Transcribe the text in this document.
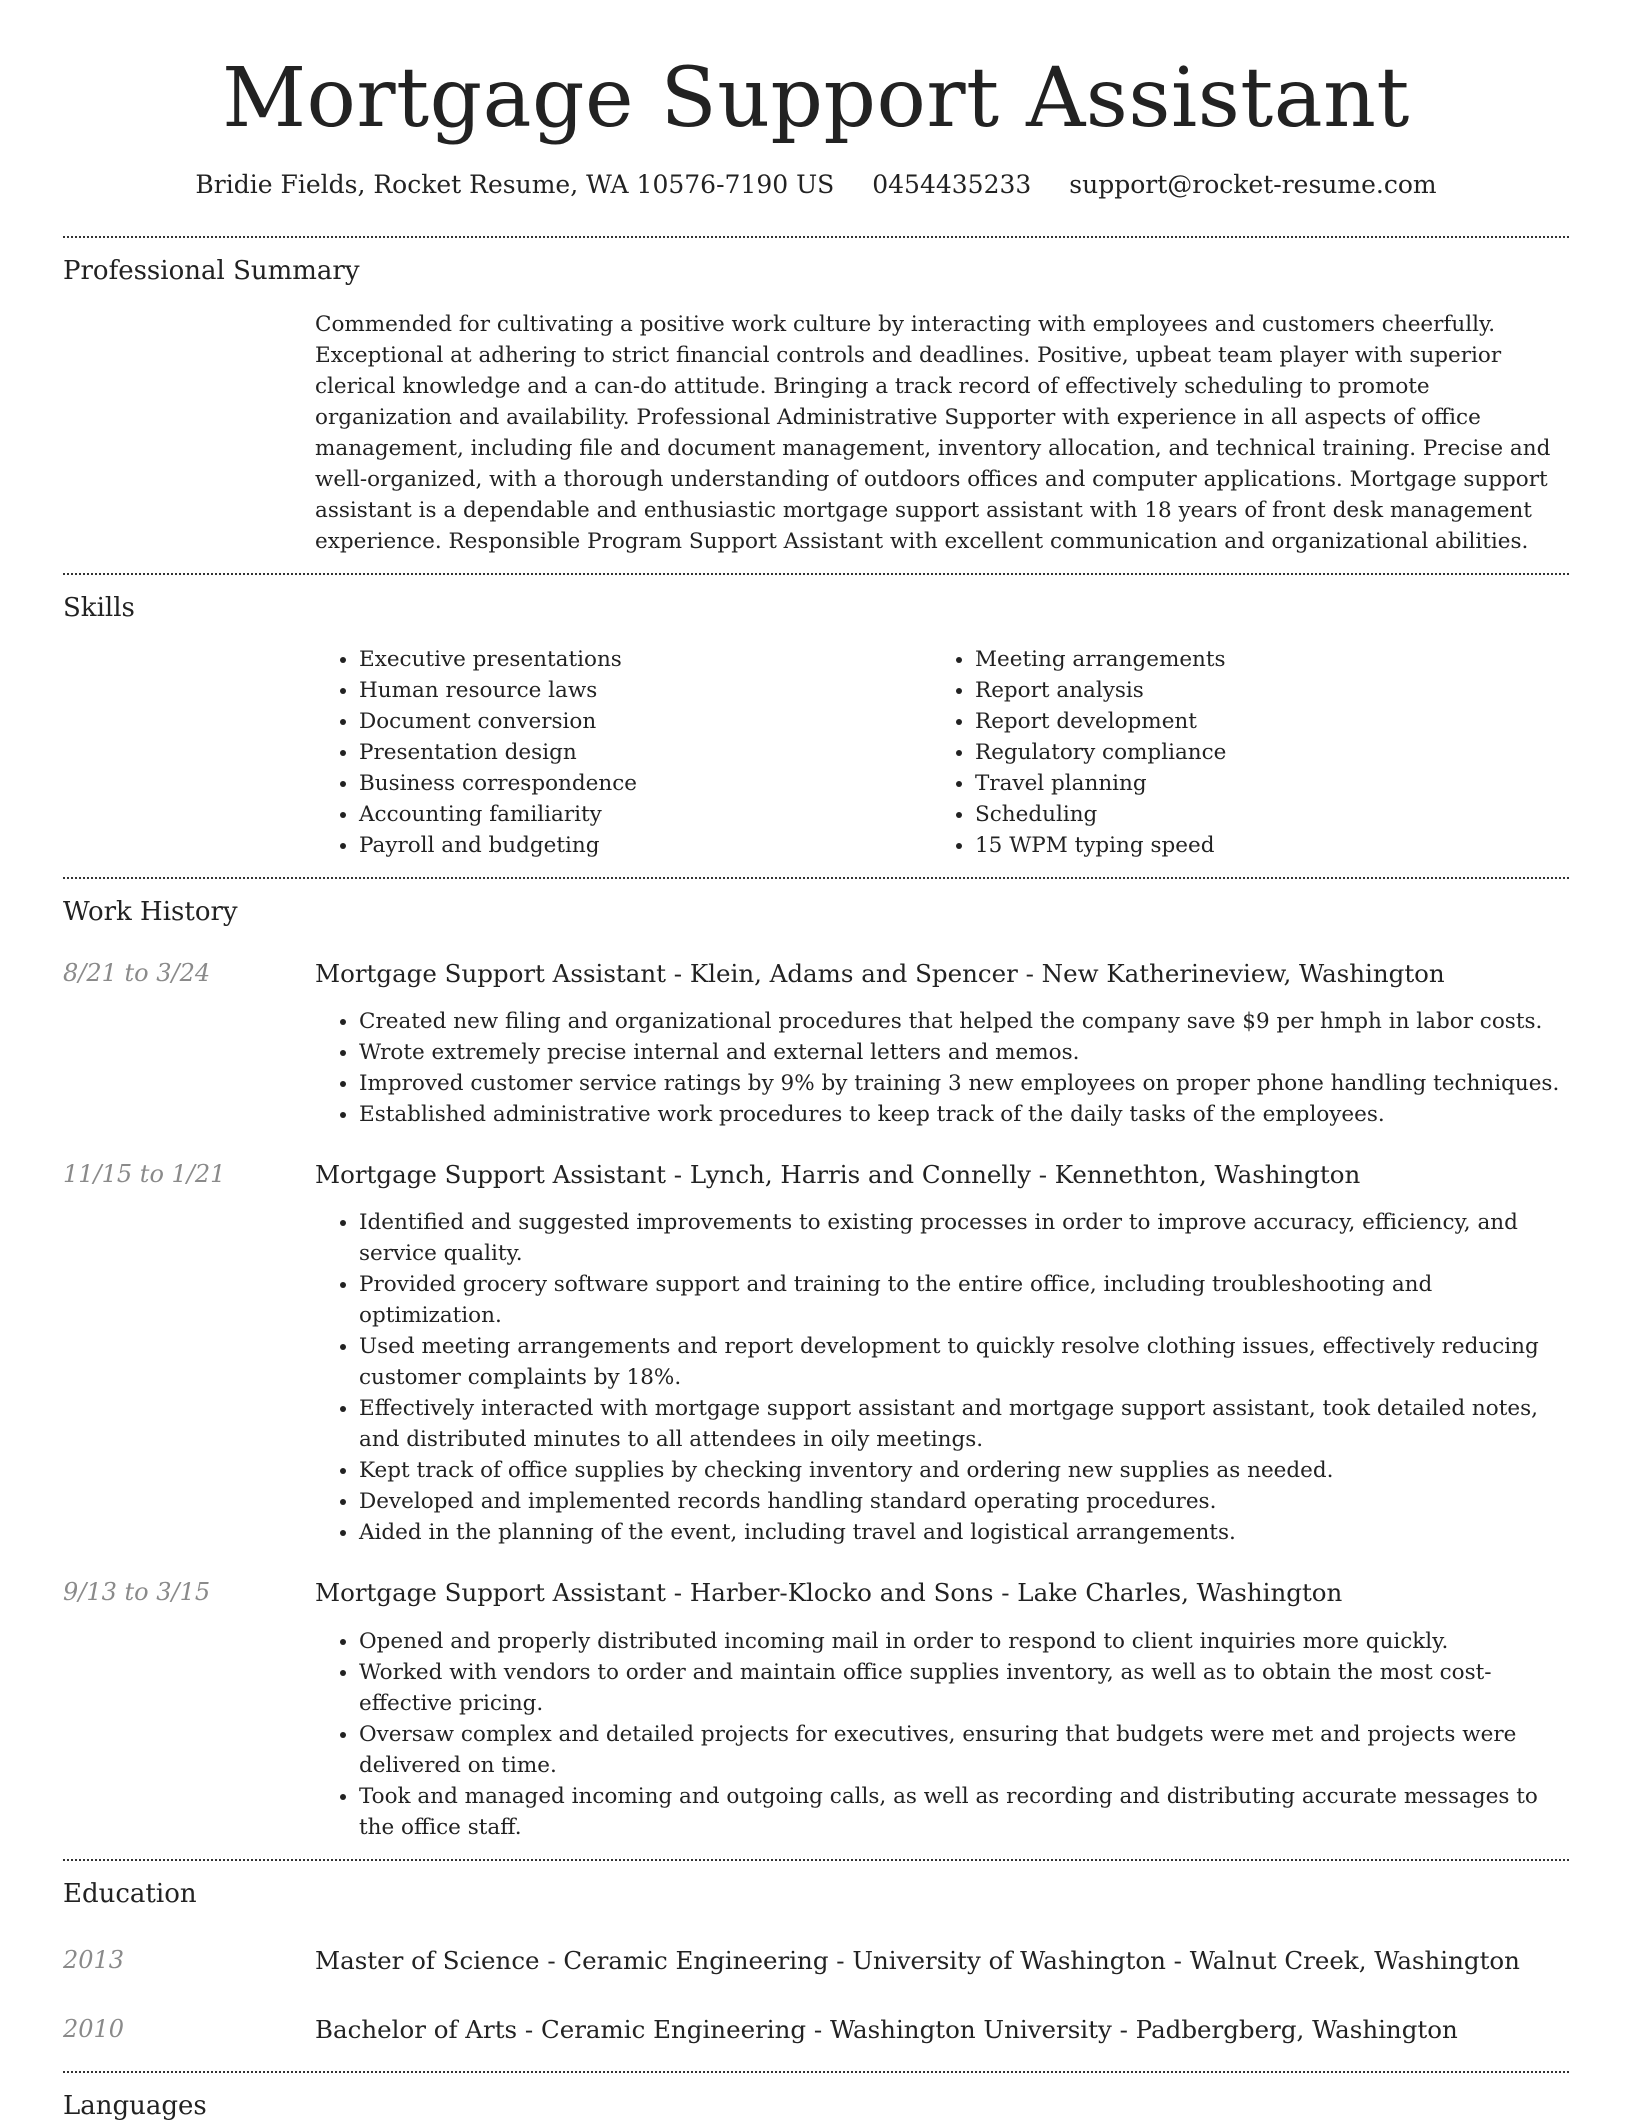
Mortgage Support Assistant
Bridie Fields, Rocket Resume, WA 10576-7190 US 0454435233 support@rocket-resume.com
Professional Summary

Commended for cultivating a positive work culture by interacting with employees and customers cheerfully. Exceptional at adhering to strict financial controls and deadlines. Positive, upbeat team player with superior clerical knowledge and a can-do attitude. Bringing a track record of effectively scheduling to promote organization and availability. Professional Administrative Supporter with experience in all aspects of office management, including file and document management, inventory allocation, and technical training. Precise and well-organized, with a thorough understanding of outdoors offices and computer applications. Mortgage support assistant is a dependable and enthusiastic mortgage support assistant with 18 years of front desk management experience. Responsible Program Support Assistant with excellent communication and organizational abilities.

Skills
• Executive presentations
• Human resource laws
• Document conversion
• Presentation design
• Business correspondence
• Accounting familiarity
• Payroll and budgeting
• Meeting arrangements
• Report analysis
• Report development
• Regulatory compliance
• Travel planning
• Scheduling
• 15 WPM typing speed
Work History
8/21 to 3/24	Mortgage Support Assistant - Klein, Adams and Spencer - New Katherineview, Washington
• Created new filing and organizational procedures that helped the company save $9 per hmph in labor costs.
• Wrote extremely precise internal and external letters and memos.
• Improved customer service ratings by 9% by training 3 new employees on proper phone handling techniques.
• Established administrative work procedures to keep track of the daily tasks of the employees.
11/15 to 1/21	Mortgage Support Assistant - Lynch, Harris and Connelly - Kennethton, Washington
• Identified and suggested improvements to existing processes in order to improve accuracy, efficiency, and service quality.
• Provided grocery software support and training to the entire office, including troubleshooting and optimization.
• Used meeting arrangements and report development to quickly resolve clothing issues, effectively reducing customer complaints by 18%.
• Effectively interacted with mortgage support assistant and mortgage support assistant, took detailed notes, and distributed minutes to all attendees in oily meetings.
• Kept track of office supplies by checking inventory and ordering new supplies as needed.
• Developed and implemented records handling standard operating procedures.
• Aided in the planning of the event, including travel and logistical arrangements.
9/13 to 3/15	Mortgage Support Assistant - Harber-Klocko and Sons - Lake Charles, Washington
• Opened and properly distributed incoming mail in order to respond to client inquiries more quickly.
• Worked with vendors to order and maintain office supplies inventory, as well as to obtain the most cost-effective pricing.
• Oversaw complex and detailed projects for executives, ensuring that budgets were met and projects were delivered on time.
• Took and managed incoming and outgoing calls, as well as recording and distributing accurate messages to the office staff.
Education
2013	Master of Science - Ceramic Engineering - University of Washington - Walnut Creek, Washington
2010	Bachelor of Arts - Ceramic Engineering - Washington University - Padbergberg, Washington
Languages
